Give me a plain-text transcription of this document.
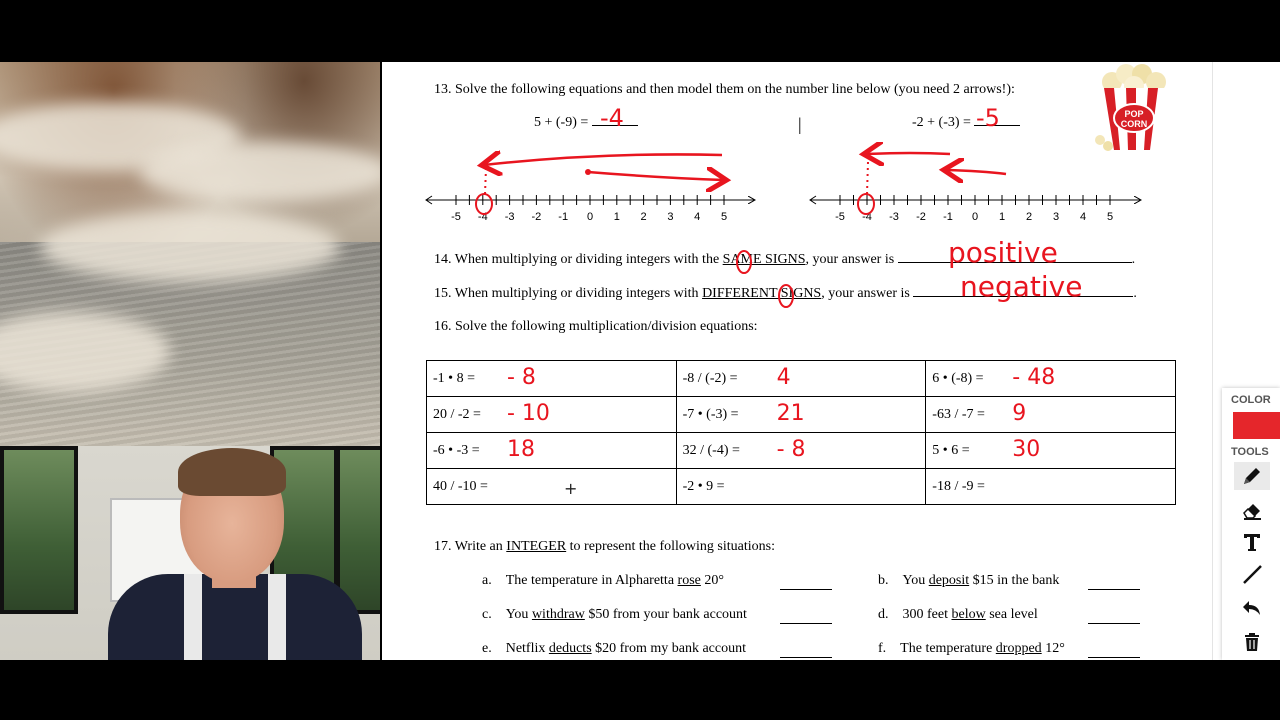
13. Solve the following equations and then model them on the number line below (you need 2 arrows!):
5 + (-9) = -4	|	-2 + (-3) = -5
-5 -4 -3 -2 -1 0 1 2 3 4 5	-5 -4 -3 -2 -1 0 1 2 3 4 5
14. When multiplying or dividing integers with the SAME SIGNS, your answer is	.
positive
15. When multiplying or dividing integers with DIFFERENT SIGNS, your answer is	.
negative
16. Solve the following multiplication/division equations:
-1 • 8 = - 8	-8 / (-2) = 4	6 • (-8) = - 48

20 / -2 = - 10	-7 • (-3) = 21	-63 / -7 = 9

-6 • -3 = 18	32 / (-4) = - 8	5 • 6 = 30

40 / -10 =	-2 • 9 =	-18 / -9 =
+
17. Write an INTEGER to represent the following situations:
a. The temperature in Alpharetta rose 20°	b. You deposit $15 in the bank
c. You withdraw $50 from your bank account	d. 300 feet below sea level
e. Netflix deducts $20 from my bank account	f. The temperature dropped 12°
POP
CORN
COLOR
TOOLS
